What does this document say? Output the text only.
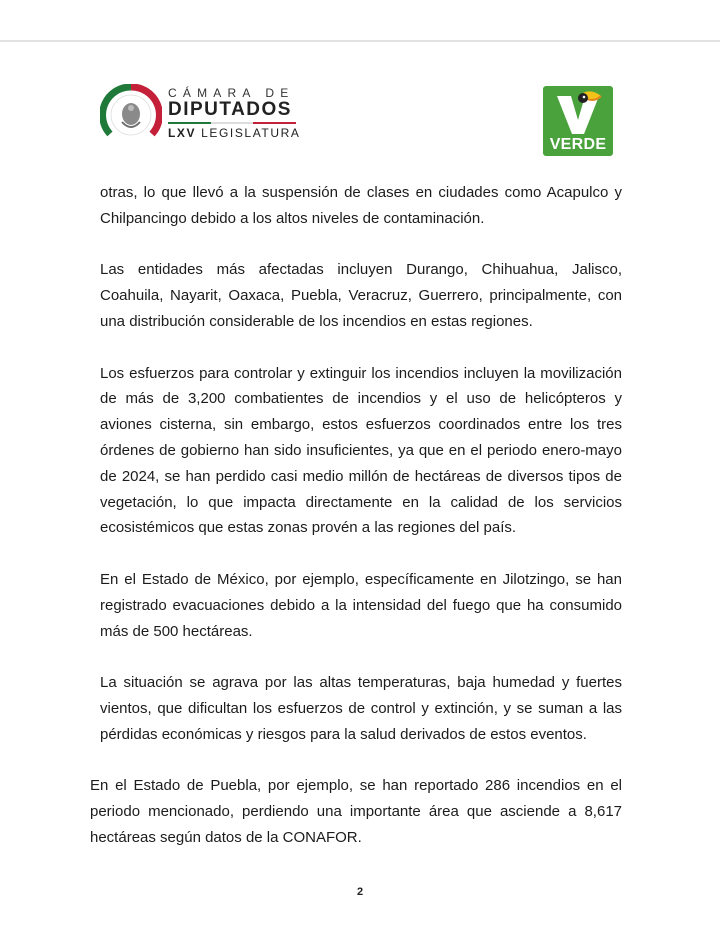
CÁMARA DE
DIPUTADOS
LXV LEGISLATURA
VERDE

otras, lo que llevó a la suspensión de clases en ciudades como Acapulco y Chilpancingo debido a los altos niveles de contaminación.

Las entidades más afectadas incluyen Durango, Chihuahua, Jalisco, Coahuila, Nayarit, Oaxaca, Puebla, Veracruz, Guerrero, principalmente, con una distribución considerable de los incendios en estas regiones.

Los esfuerzos para controlar y extinguir los incendios incluyen la movilización de más de 3,200 combatientes de incendios y el uso de helicópteros y aviones cisterna, sin embargo, estos esfuerzos coordinados entre los tres órdenes de gobierno han sido insuficientes, ya que en el periodo enero-mayo de 2024, se han perdido casi medio millón de hectáreas de diversos tipos de vegetación, lo que impacta directamente en la calidad de los servicios ecosistémicos que estas zonas provén a las regiones del país.

En el Estado de México, por ejemplo, específicamente en Jilotzingo, se han registrado evacuaciones debido a la intensidad del fuego que ha consumido más de 500 hectáreas.

La situación se agrava por las altas temperaturas, baja humedad y fuertes vientos, que dificultan los esfuerzos de control y extinción, y se suman a las pérdidas económicas y riesgos para la salud derivados de estos eventos.

En el Estado de Puebla, por ejemplo, se han reportado 286 incendios en el periodo mencionado, perdiendo una importante área que asciende a 8,617 hectáreas según datos de la CONAFOR.

2
